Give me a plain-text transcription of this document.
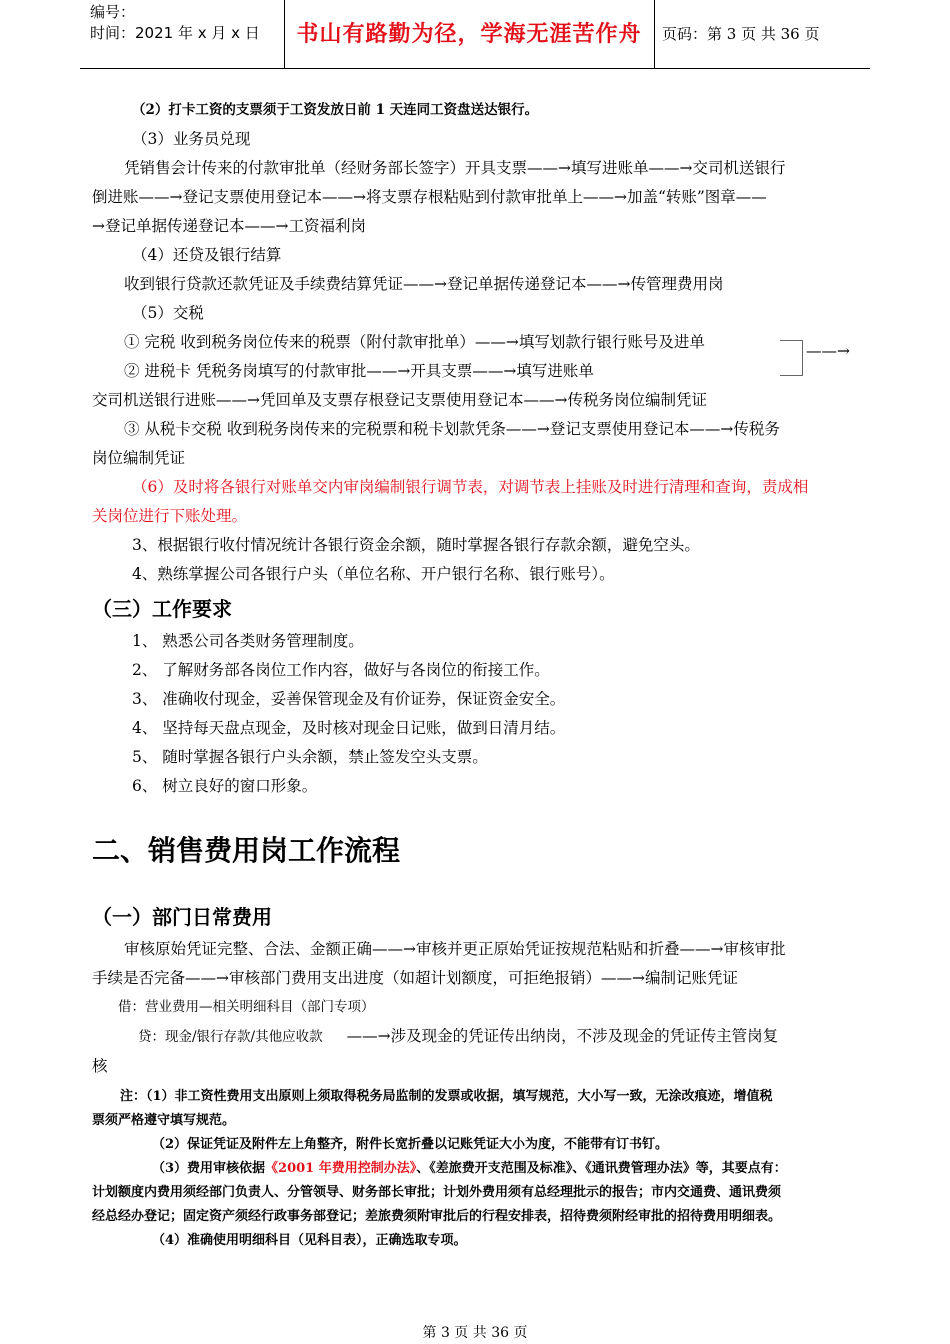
编号：
时间：2021 年 x 月 x 日	书山有路勤为径，学海无涯苦作舟	页码：第 3 页 共 36 页

（2）打卡工资的支票须于工资发放日前 1 天连同工资盘送达银行。

（3）业务员兑现

凭销售会计传来的付款审批单（经财务部长签字）开具支票——→填写进账单——→交司机送银行

倒进账——→登记支票使用登记本——→将支票存根粘贴到付款审批单上——→加盖“转账”图章——

→登记单据传递登记本——→工资福利岗

（4）还贷及银行结算

收到银行贷款还款凭证及手续费结算凭证——→登记单据传递登记本——→传管理费用岗

（5）交税

① 完税 收到税务岗位传来的税票（附付款审批单）——→填写划款行银行账号及进单

② 进税卡 凭税务岗填写的付款审批——→开具支票——→填写进账单

——→

交司机送银行进账——→凭回单及支票存根登记支票使用登记本——→传税务岗位编制凭证

③ 从税卡交税 收到税务岗传来的完税票和税卡划款凭条——→登记支票使用登记本——→传税务

岗位编制凭证

（6）及时将各银行对账单交内审岗编制银行调节表，对调节表上挂账及时进行清理和查询，责成相

关岗位进行下账处理。

3、根据银行收付情况统计各银行资金余额，随时掌握各银行存款余额，避免空头。

4、熟练掌握公司各银行户头（单位名称、开户银行名称、银行账号）。

（三）工作要求

1、 熟悉公司各类财务管理制度。

2、 了解财务部各岗位工作内容，做好与各岗位的衔接工作。

3、 准确收付现金，妥善保管现金及有价证券，保证资金安全。

4、 坚持每天盘点现金，及时核对现金日记账，做到日清月结。

5、 随时掌握各银行户头余额，禁止签发空头支票。

6、 树立良好的窗口形象。

二、销售费用岗工作流程

（一）部门日常费用

审核原始凭证完整、合法、金额正确——→审核并更正原始凭证按规范粘贴和折叠——→审核审批

手续是否完备——→审核部门费用支出进度（如超计划额度，可拒绝报销）——→编制记账凭证

借：营业费用—相关明细科目（部门专项）

贷：现金/银行存款/其他应收款 ——→涉及现金的凭证传出纳岗，不涉及现金的凭证传主管岗复

核

注：（1）非工资性费用支出原则上须取得税务局监制的发票或收据，填写规范，大小写一致，无涂改痕迹，增值税

票须严格遵守填写规范。

（2）保证凭证及附件左上角整齐，附件长宽折叠以记账凭证大小为度，不能带有订书钉。

（3）费用审核依据《2001 年费用控制办法》、《差旅费开支范围及标准》、《通讯费管理办法》等，其要点有：

计划额度内费用须经部门负责人、分管领导、财务部长审批；计划外费用须有总经理批示的报告；市内交通费、通讯费须

经总经办登记；固定资产须经行政事务部登记；差旅费须附审批后的行程安排表，招待费须附经审批的招待费用明细表。

（4）准确使用明细科目（见科目表），正确选取专项。

第 3 页 共 36 页
